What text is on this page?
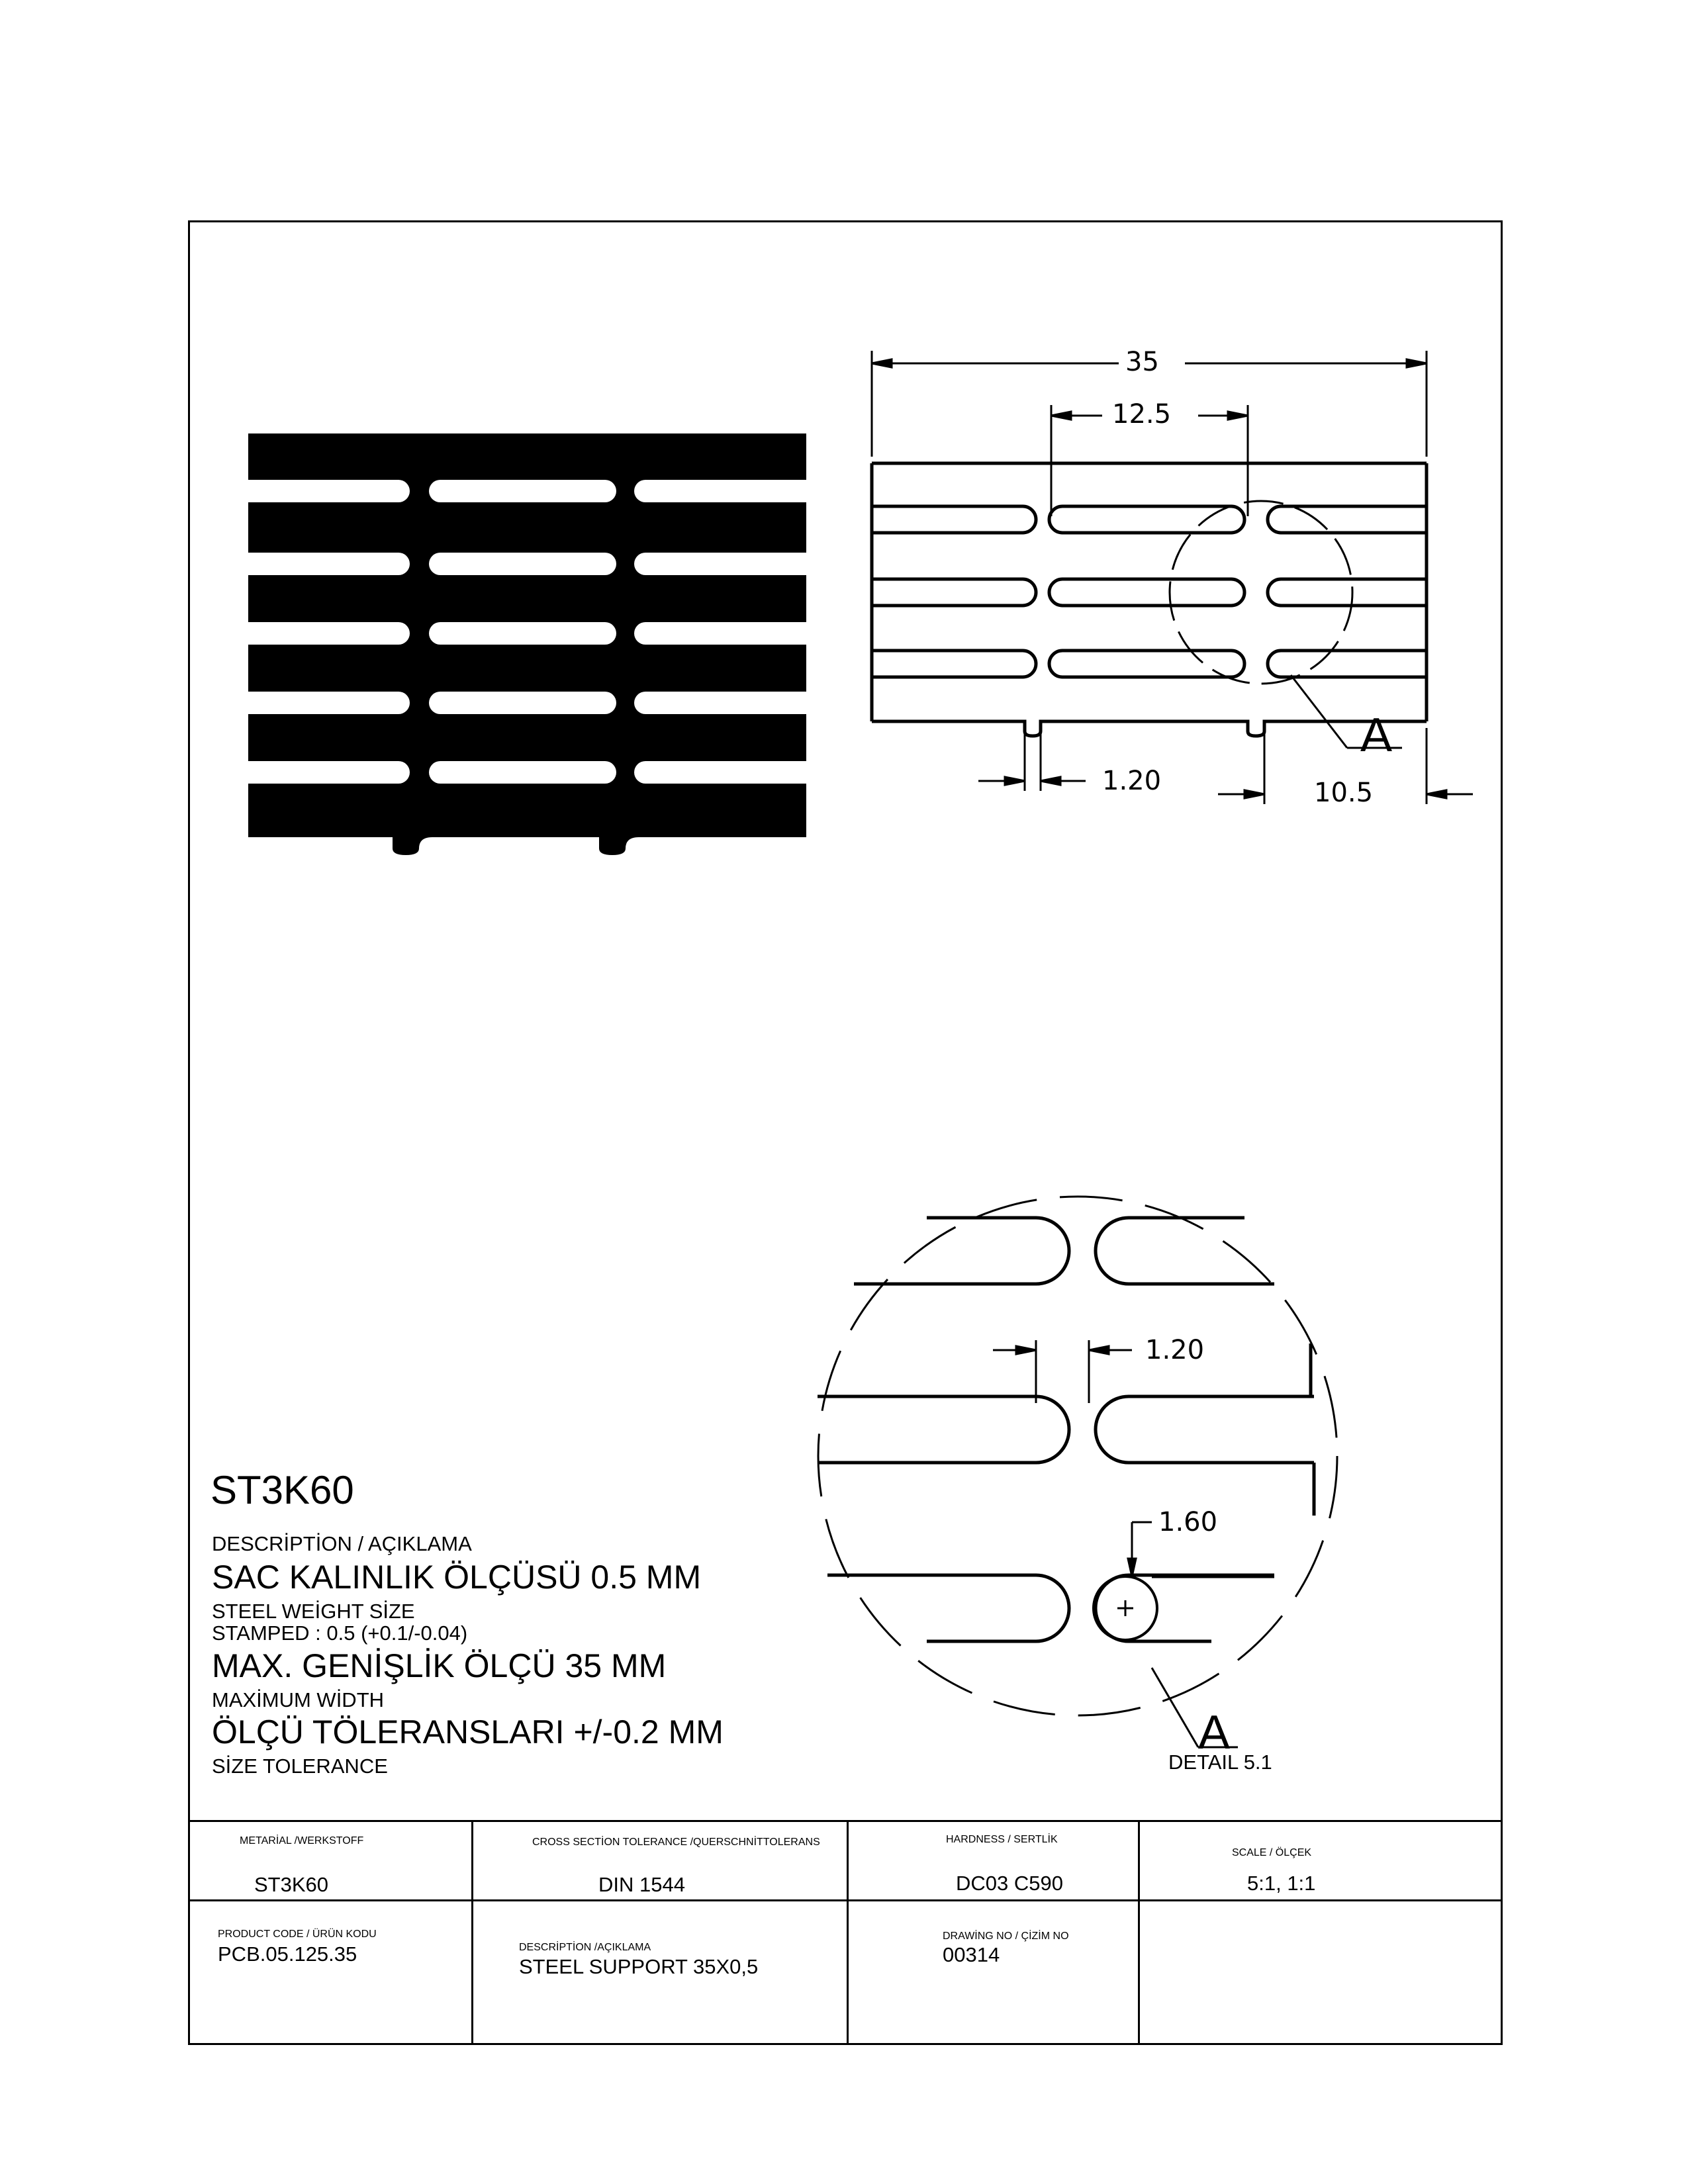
35
12.5
1.20	10.5
A
1.20
1.60
A
DETAIL 5.1
ST3K60
DESCRİPTİON / AÇIKLAMA
SAC KALINLIK ÖLÇÜSÜ 0.5 MM
STEEL WEİGHT SİZE
STAMPED : 0.5 (+0.1/-0.04)
MAX. GENİŞLİK ÖLÇÜ 35 MM
MAXİMUM WİDTH
ÖLÇÜ TÖLERANSLARI +/-0.2 MM
SİZE TOLERANCE
METARİAL /WERKSTOFF
ST3K60
CROSS SECTİON TOLERANCE /QUERSCHNİTTOLERANS
DIN 1544
HARDNESS / SERTLİK
DC03 C590
SCALE / ÖLÇEK
5:1, 1:1
PRODUCT CODE / ÜRÜN KODU
PCB.05.125.35	DESCRİPTİON /AÇIKLAMA
STEEL SUPPORT 35X0,5
DRAWİNG NO / ÇİZİM NO
00314
